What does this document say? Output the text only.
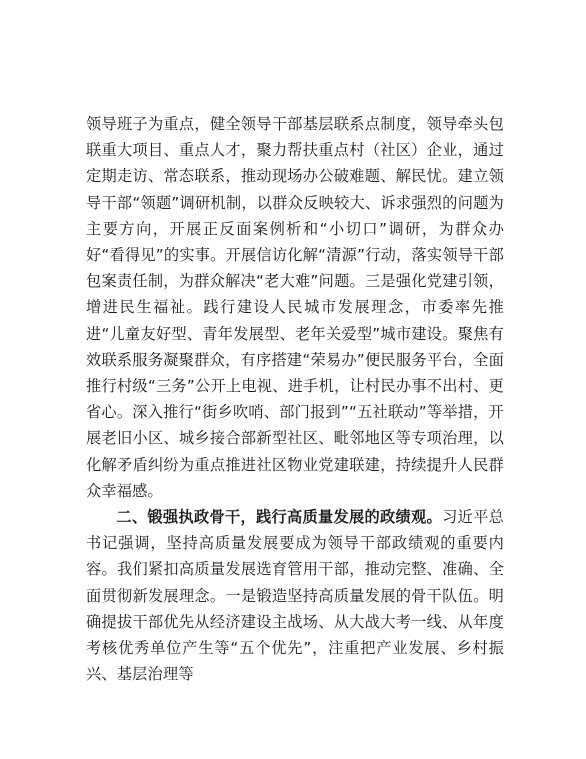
领导班子为重点，健全领导干部基层联系点制度，领导牵头包联重大项目、重点人才，聚力帮扶重点村（社区）企业，通过定期走访、常态联系，推动现场办公破难题、解民忧。建立领导干部“领题”调研机制，以群众反映较大、诉求强烈的问题为主要方向，开展正反面案例析和“小切口”调研，为群众办好“看得见”的实事。开展信访化解“清源”行动，落实领导干部包案责任制，为群众解决“老大难”问题。三是强化党建引领，增进民生福祉。践行建设人民城市发展理念，市委率先推进“儿童友好型、青年发展型、老年关爱型”城市建设。聚焦有效联系服务凝聚群众，有序搭建“荣易办”便民服务平台，全面推行村级“三务”公开上电视、进手机，让村民办事不出村、更省心。深入推行“街乡吹哨、部门报到”“五社联动”等举措，开展老旧小区、城乡接合部新型社区、毗邻地区等专项治理，以化解矛盾纠纷为重点推进社区物业党建联建，持续提升人民群众幸福感。

二、锻强执政骨干，践行高质量发展的政绩观。习近平总书记强调，坚持高质量发展要成为领导干部政绩观的重要内容。我们紧扣高质量发展选育管用干部，推动完整、准确、全面贯彻新发展理念。一是锻造坚持高质量发展的骨干队伍。明确提拔干部优先从经济建设主战场、从大战大考一线、从年度考核优秀单位产生等“五个优先”，注重把产业发展、乡村振兴、基层治理等
